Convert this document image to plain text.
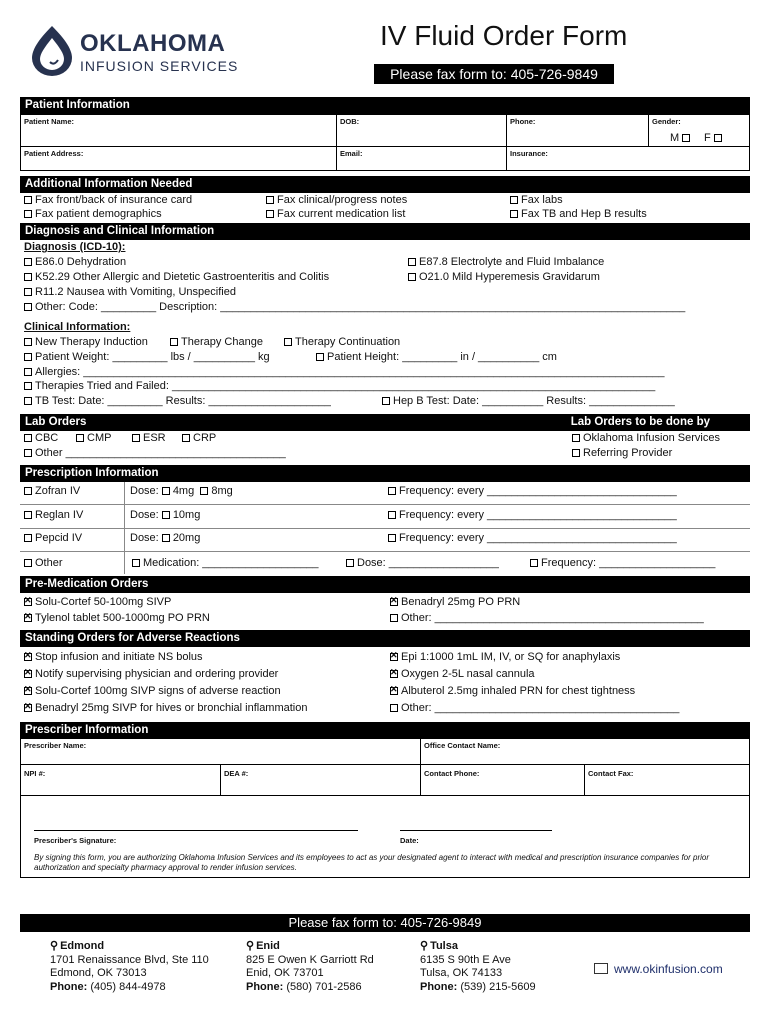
OKLAHOMA
INFUSION SERVICES
IV Fluid Order Form
Please fax form to: 405-726-9849
Patient Information
Patient Name:	DOB:	Phone:	Gender:
M	F
Patient Address:	Email:	Insurance:
Additional Information Needed
Fax front/back of insurance card
Fax patient demographics
Fax clinical/progress notes
Fax current medication list
Fax labs
Fax TB and Hep B results
Diagnosis and Clinical Information
Diagnosis (ICD-10):
E86.0 Dehydration
K52.29 Other Allergic and Dietetic Gastroenteritis and Colitis
R11.2 Nausea with Vomiting, Unspecified
E87.8 Electrolyte and Fluid Imbalance
O21.0 Mild Hyperemesis Gravidarum
Other: Code: _________ Description: ____________________________________________________________________________
Clinical Information:
New Therapy Induction	Therapy Change	Therapy Continuation
Patient Weight: _________ lbs / __________ kg	Patient Height: _________ in / __________ cm
Allergies: _______________________________________________________________________________________________
Therapies Tried and Failed: _______________________________________________________________________________
TB Test: Date: _________ Results: ____________________	Hep B Test: Date: __________ Results: ______________
Lab Orders	Lab Orders to be done by
CBC	CMP	ESR	CRP
Other ____________________________________
Oklahoma Infusion Services
Referring Provider
Prescription Information
Zofran IV	Dose: 4mg 8mg	Frequency: every _______________________________
Reglan IV	Dose: 10mg	Frequency: every _______________________________
Pepcid IV	Dose: 20mg	Frequency: every _______________________________
Other	Medication: ___________________	Dose: __________________	Frequency: ___________________
Pre-Medication Orders
✕Solu-Cortef 50-100mg SIVP
✕Tylenol tablet 500-1000mg PO PRN
✕Benadryl 25mg PO PRN
Other: ____________________________________________
Standing Orders for Adverse Reactions
✕Stop infusion and initiate NS bolus
✕Notify supervising physician and ordering provider
✕Solu-Cortef 100mg SIVP signs of adverse reaction
✕Benadryl 25mg SIVP for hives or bronchial inflammation
✕Epi 1:1000 1mL IM, IV, or SQ for anaphylaxis
✕Oxygen 2-5L nasal cannula
✕Albuterol 2.5mg inhaled PRN for chest tightness
Other: ________________________________________
Prescriber Information
Prescriber Name:	Office Contact Name:
NPI #:	DEA #:	Contact Phone:	Contact Fax:
Prescriber's Signature:	Date:
By signing this form, you are authorizing Oklahoma Infusion Services and its employees to act as your designated agent to interact with medical and prescription insurance companies for prior authorization and specialty pharmacy approval to render infusion services.
Please fax form to: 405-726-9849
⚲ Edmond
1701 Renaissance Blvd, Ste 110
Edmond, OK 73013
Phone: (405) 844-4978
⚲ Enid
825 E Owen K Garriott Rd
Enid, OK 73701
Phone: (580) 701-2586
⚲ Tulsa
6135 S 90th E Ave
Tulsa, OK 74133
Phone: (539) 215-5609
www.okinfusion.com
